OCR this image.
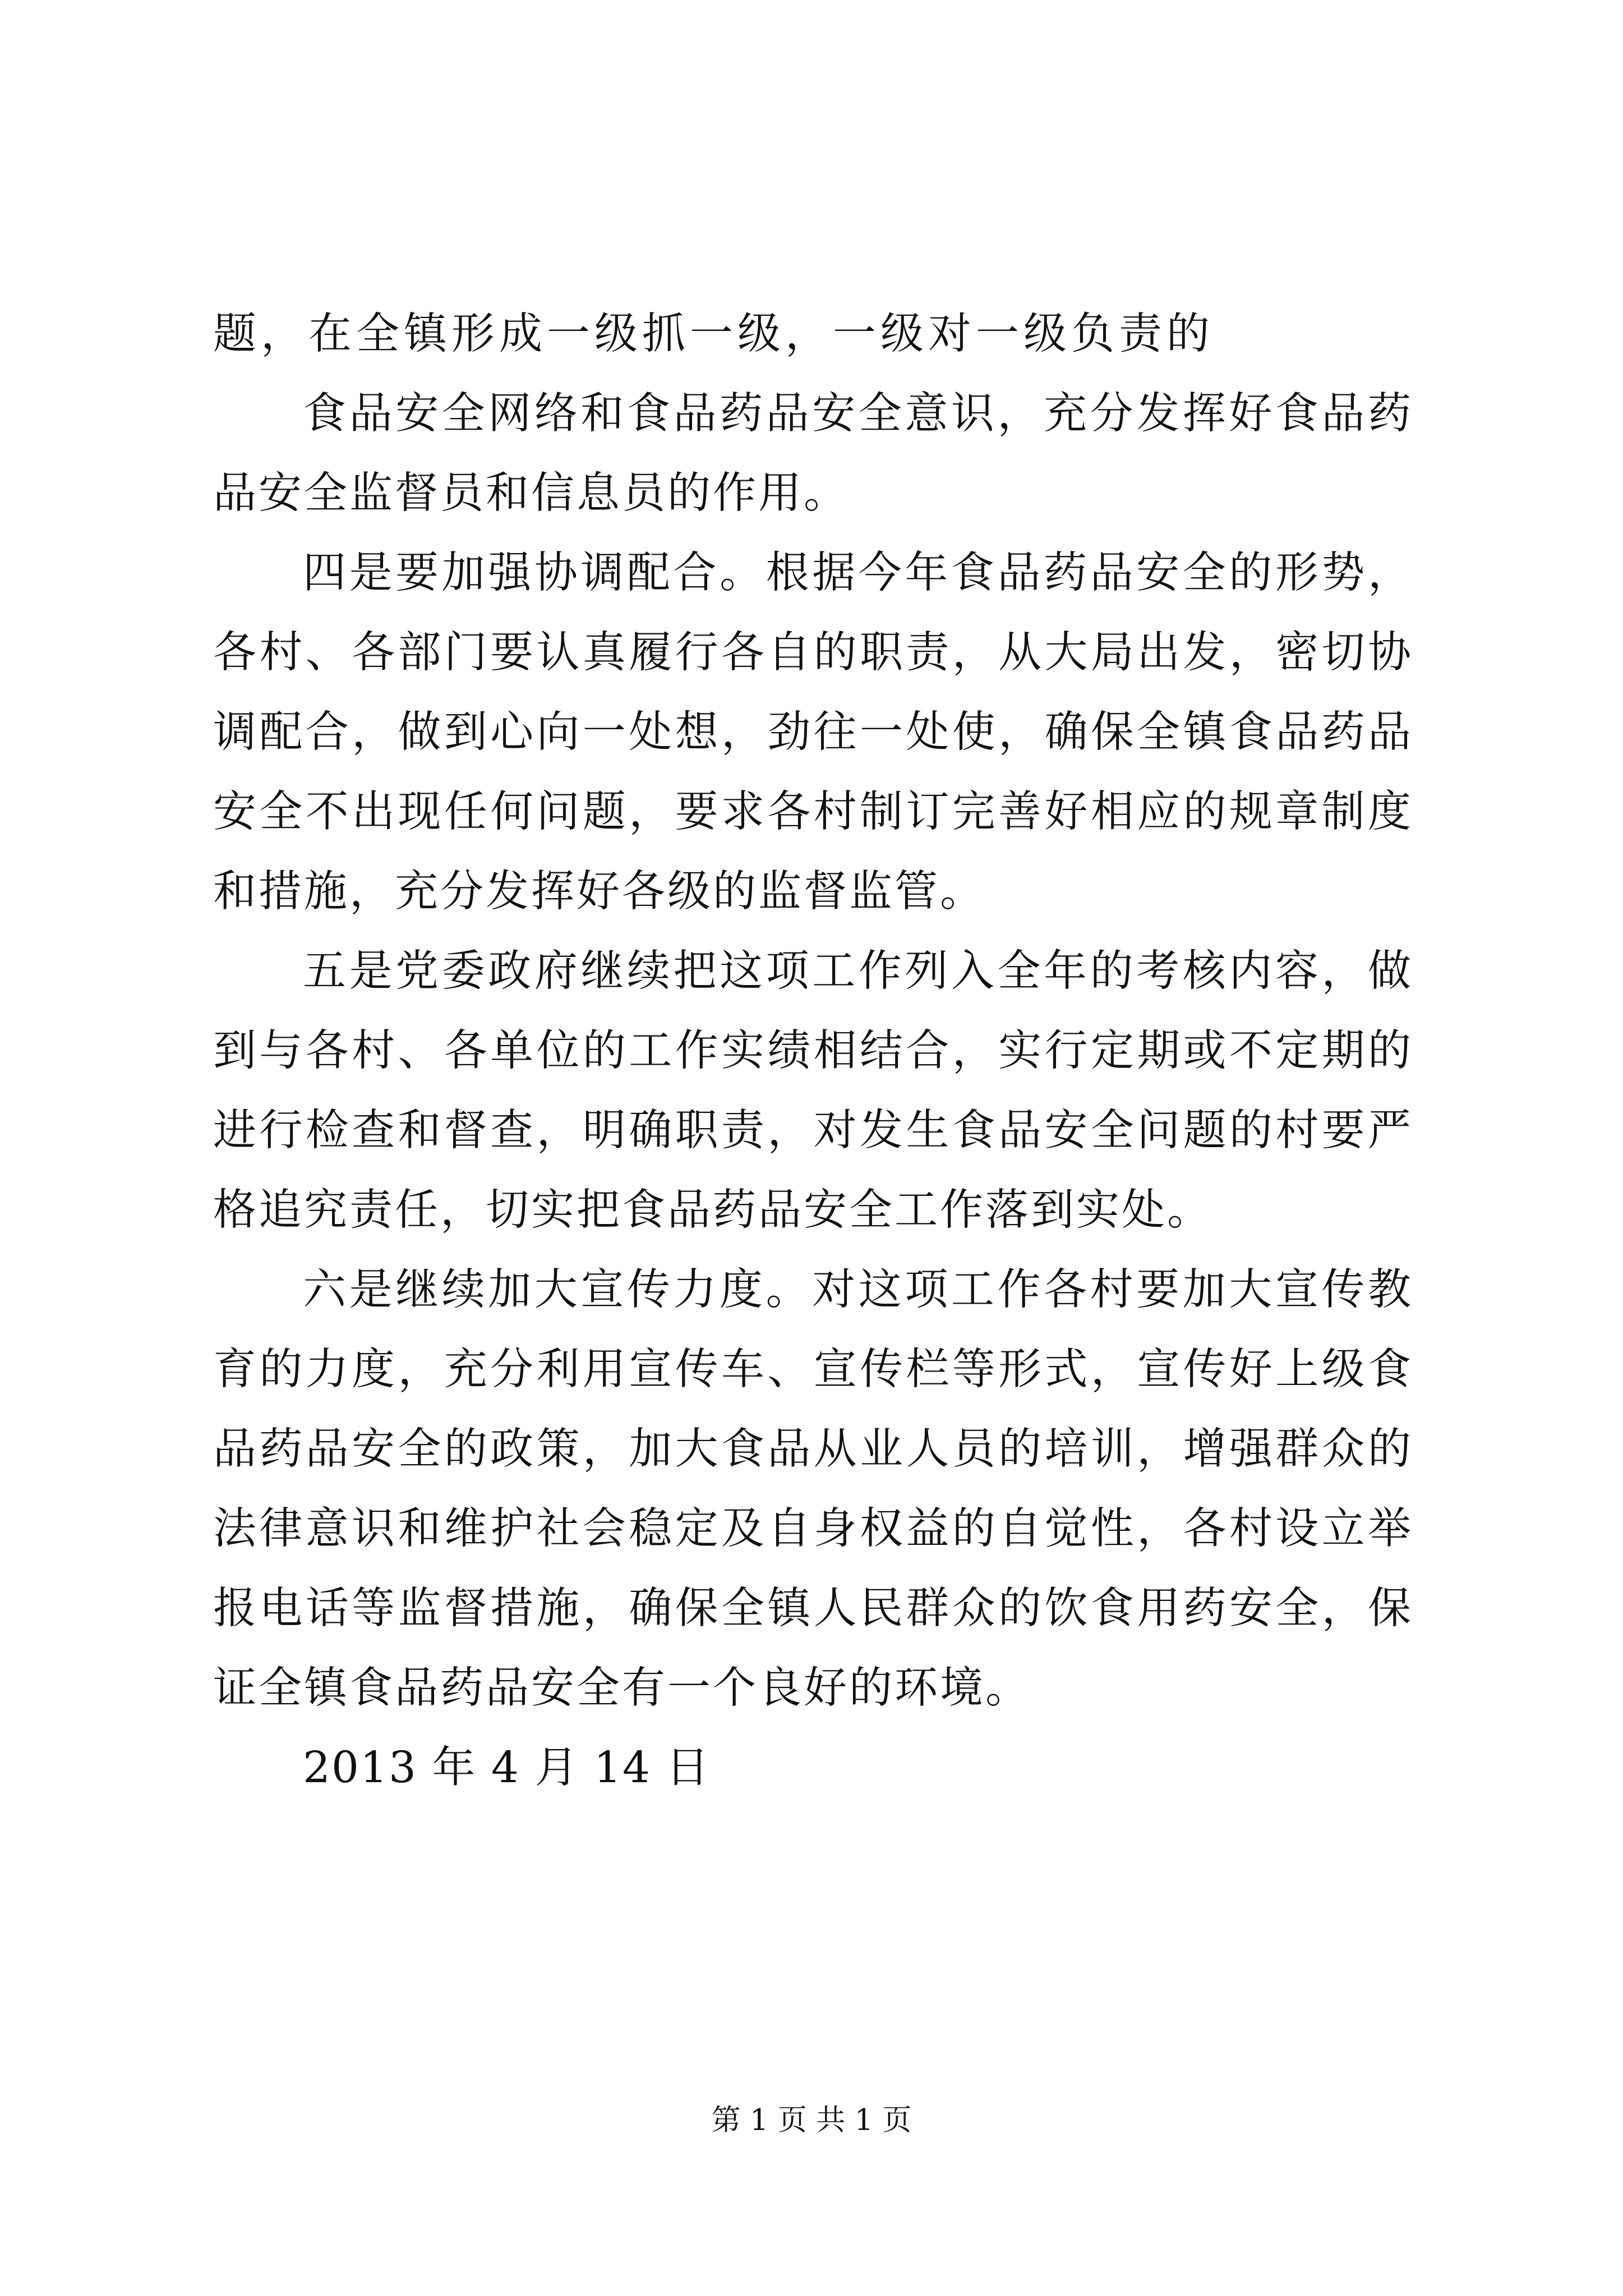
题，在全镇形成一级抓一级，一级对一级负责的

食品安全网络和食品药品安全意识，充分发挥好食品药品安全监督员和信息员的作用。

四是要加强协调配合。根据今年食品药品安全的形势，各村、各部门要认真履行各自的职责，从大局出发，密切协调配合，做到心向一处想，劲往一处使，确保全镇食品药品安全不出现任何问题，要求各村制订完善好相应的规章制度和措施，充分发挥好各级的监督监管。

五是党委政府继续把这项工作列入全年的考核内容，做到与各村、各单位的工作实绩相结合，实行定期或不定期的进行检查和督查，明确职责，对发生食品安全问题的村要严格追究责任，切实把食品药品安全工作落到实处。

六是继续加大宣传力度。对这项工作各村要加大宣传教育的力度，充分利用宣传车、宣传栏等形式，宣传好上级食品药品安全的政策，加大食品从业人员的培训，增强群众的法律意识和维护社会稳定及自身权益的自觉性，各村设立举报电话等监督措施，确保全镇人民群众的饮食用药安全，保证全镇食品药品安全有一个良好的环境。

2013 年 4 月 14 日

第 1 页 共 1 页
